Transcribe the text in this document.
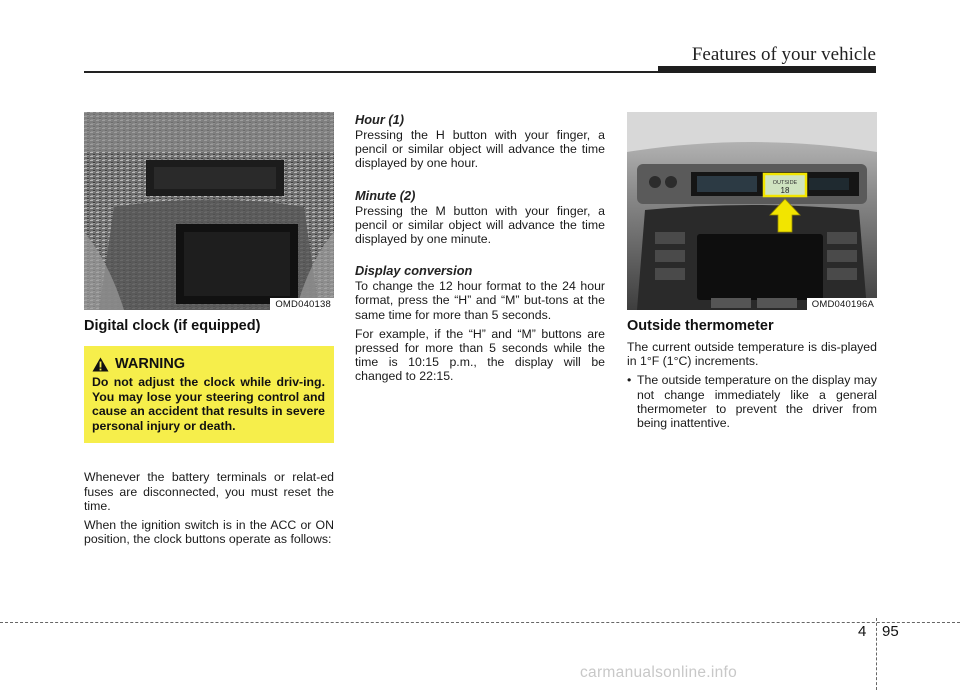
Features of your vehicle
OMD040138
Digital clock (if equipped)
WARNING
Do not adjust the clock while driv-ing. You may lose your steering control and cause an accident that results in severe personal injury or death.

Whenever the battery terminals or relat-ed fuses are disconnected, you must reset the time.

When the ignition switch is in the ACC or ON position, the clock buttons operate as follows:

Hour (1)

Pressing the H button with your finger, a pencil or similar object will advance the time displayed by one hour.

Minute (2)

Pressing the M button with your finger, a pencil or similar object will advance the time displayed by one minute.

Display conversion

To change the 12 hour format to the 24 hour format, press the “H” and “M” but-tons at the same time for more than 5 seconds.

For example, if the “H” and “M” buttons are pressed for more than 5 seconds while the time is 10:15 p.m., the display will be changed to 22:15.

OUTSIDE
18
OMD040196A
Outside thermometer

The current outside temperature is dis-played in 1°F (1°C) increments.

• The outside temperature on the display may not change immediately like a general thermometer to prevent the driver from being inattentive.
4 95
carmanualsonline.info
